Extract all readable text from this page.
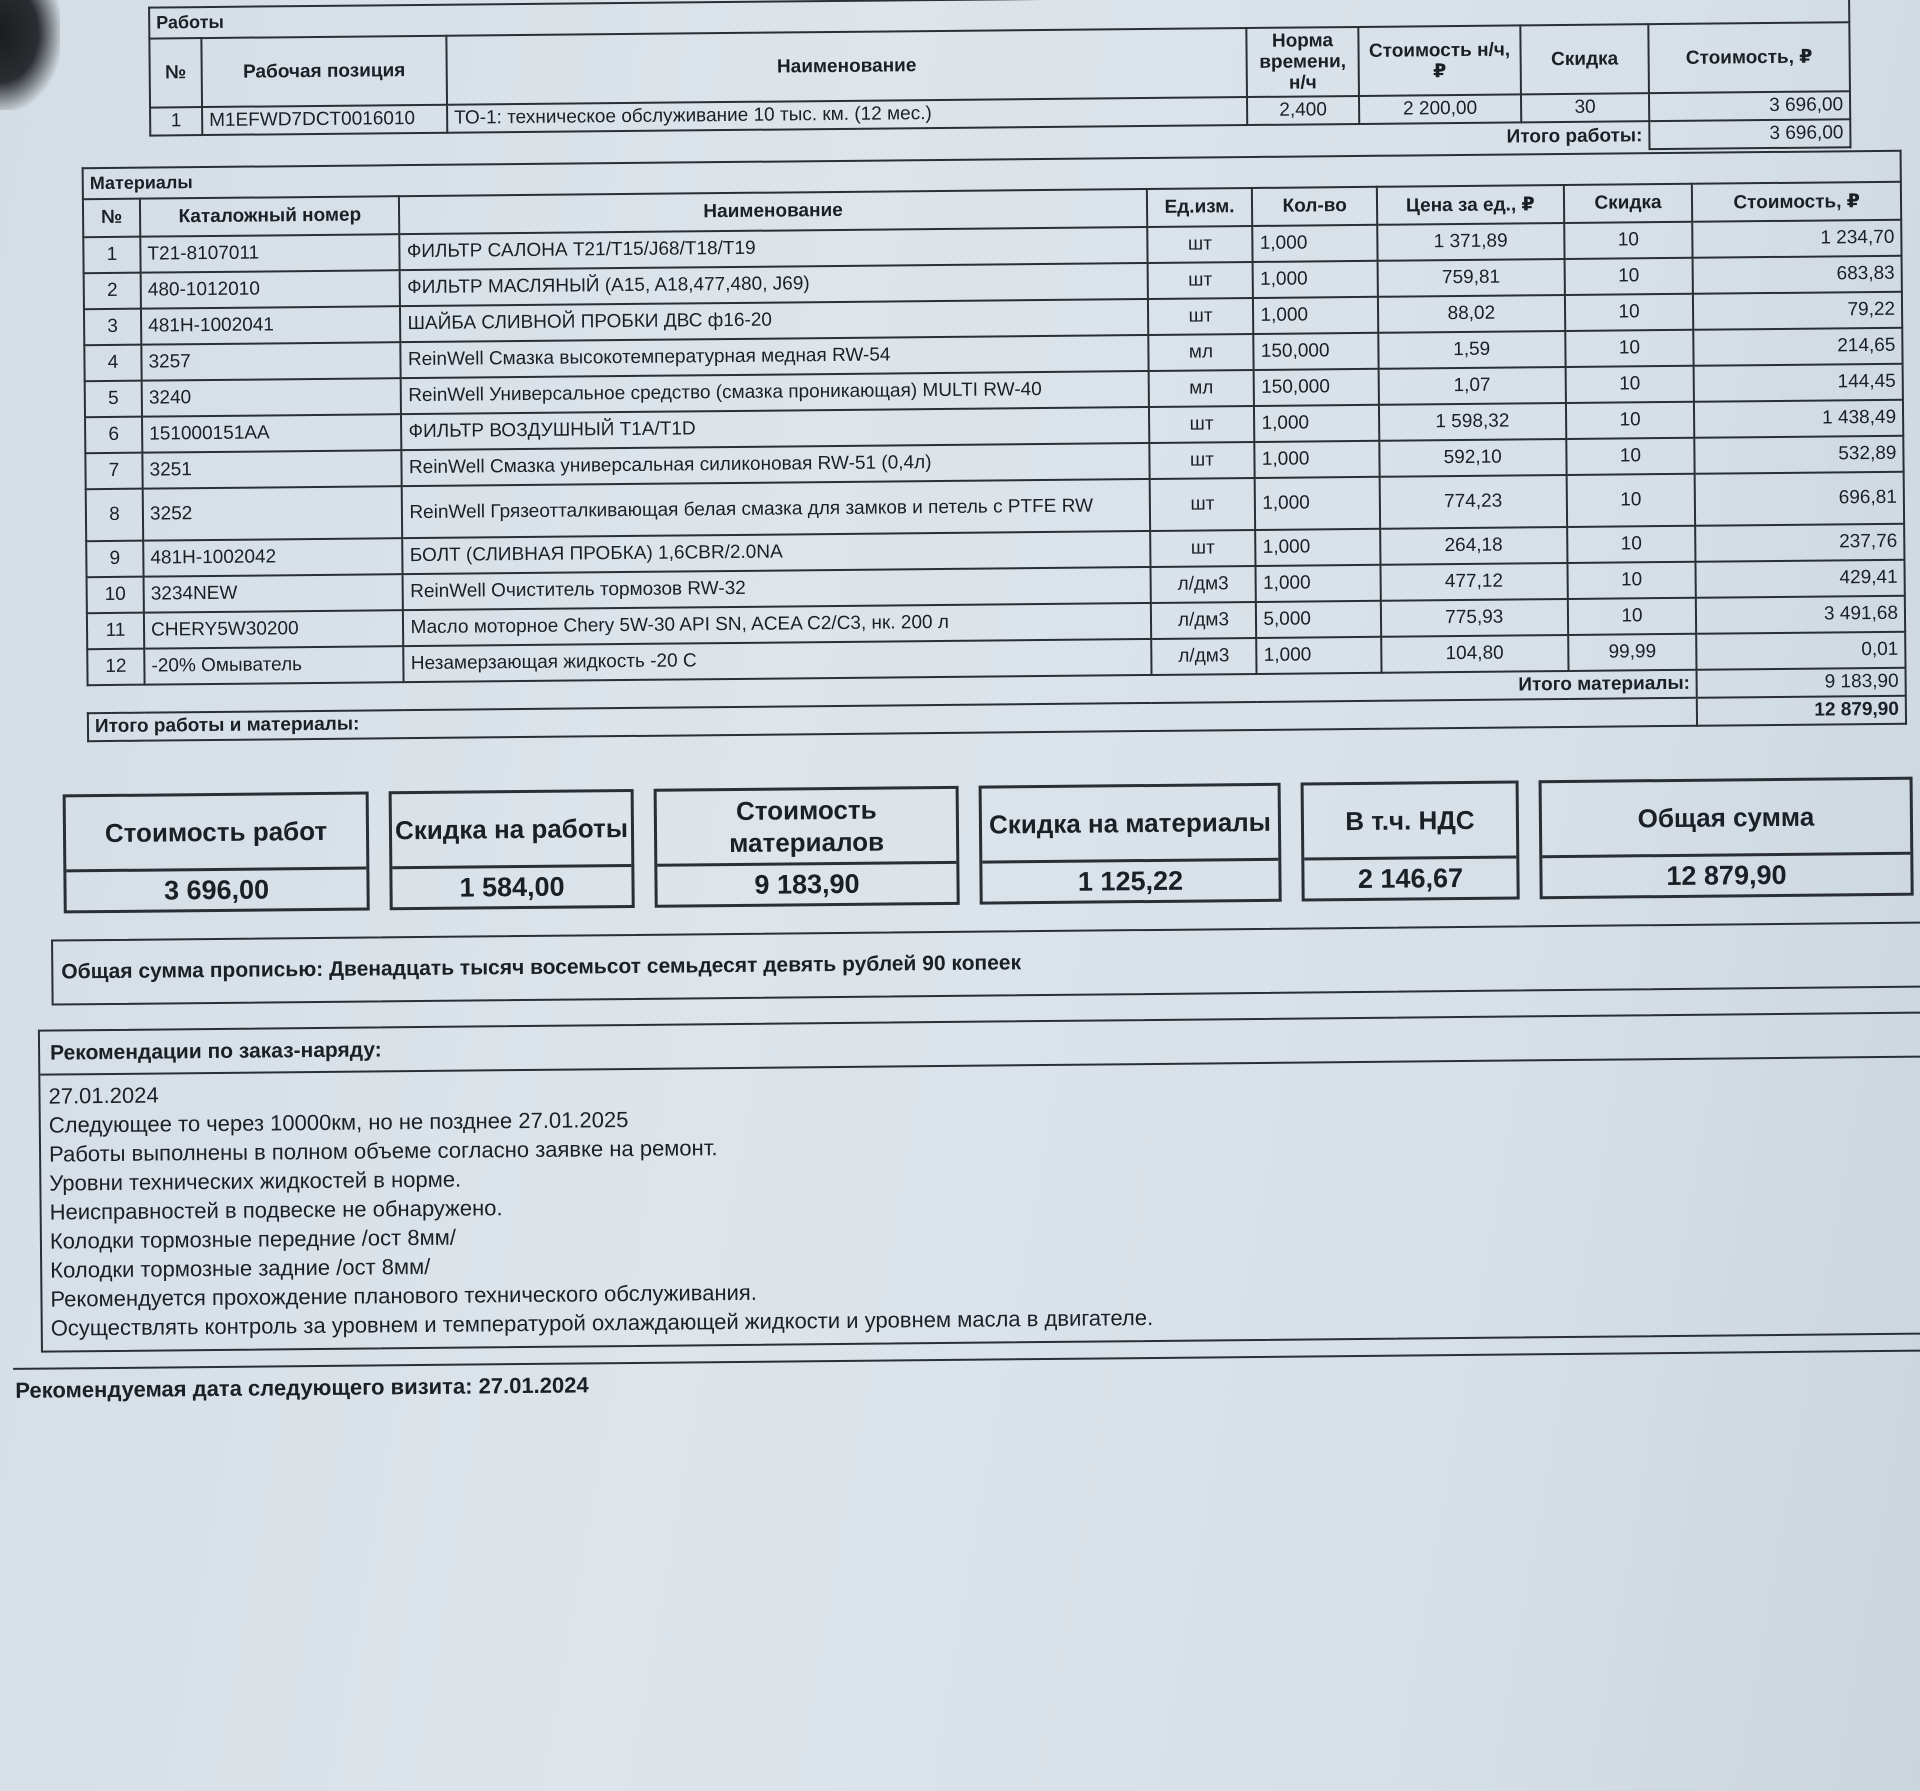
Работы						
№	Рабочая позиция	Наименование	Норма времени, н/ч	Стоимость н/ч, ₽	Скидка	Стоимость, ₽
1	M1EFWD7DCT0016010	ТО-1: техническое обслуживание 10 тыс. км. (12 мес.)	2,400	2 200,00	30	3 696,00
Итого работы:						3 696,00
Материалы							
№	Каталожный номер	Наименование	Ед.изм.	Кол-во	Цена за ед., ₽	Скидка	Стоимость, ₽
1	T21-8107011	ФИЛЬТР САЛОНА T21/T15/J68/T18/T19	шт	1,000	1 371,89	10	1 234,70
2	480-1012010	ФИЛЬТР МАСЛЯНЫЙ (A15, A18,477,480, J69)	шт	1,000	759,81	10	683,83
3	481H-1002041	ШАЙБА СЛИВНОЙ ПРОБКИ ДВС ф16-20	шт	1,000	88,02	10	79,22
4	3257	ReinWell Смазка высокотемпературная медная RW-54	мл	150,000	1,59	10	214,65
5	3240	ReinWell Универсальное средство (смазка проникающая) MULTI RW-40	мл	150,000	1,07	10	144,45
6	151000151AA	ФИЛЬТР ВОЗДУШНЫЙ T1A/T1D	шт	1,000	1 598,32	10	1 438,49
7	3251	ReinWell Смазка универсальная силиконовая RW-51 (0,4л)	шт	1,000	592,10	10	532,89
8	3252	ReinWell Грязеотталкивающая белая смазка для замков и петель с PTFE RW	шт	1,000	774,23	10	696,81
9	481H-1002042	БОЛТ (СЛИВНАЯ ПРОБКА) 1,6CBR/2.0NA	шт	1,000	264,18	10	237,76
10	3234NEW	ReinWell Очиститель тормозов RW-32	л/дм3	1,000	477,12	10	429,41
11	CHERY5W30200	Масло моторное Chery 5W-30 API SN, ACEA C2/C3, нк. 200 л	л/дм3	5,000	775,93	10	3 491,68
12	-20% Омыватель	Незамерзающая жидкость -20 С	л/дм3	1,000	104,80	99,99	0,01
Итого материалы:							9 183,90
Итого работы и материалы:							12 879,90
Стоимость работ
3 696,00
Скидка на работы
1 584,00
Стоимость материалов
9 183,90
Скидка на материалы
1 125,22
В т.ч. НДС
2 146,67
Общая сумма
12 879,90
Общая сумма прописью: Двенадцать тысяч восемьсот семьдесят девять рублей 90 копеек
Рекомендации по заказ-наряду:
27.01.2024
Следующее то через 10000км, но не позднее 27.01.2025
Работы выполнены в полном объеме согласно заявке на ремонт.
Уровни технических жидкостей в норме.
Неисправностей в подвеске не обнаружено.
Колодки тормозные передние /ост 8мм/
Колодки тормозные задние /ост 8мм/
Рекомендуется прохождение планового технического обслуживания.
Осуществлять контроль за уровнем и температурой охлаждающей жидкости и уровнем масла в двигателе.
Рекомендуемая дата следующего визита: 27.01.2024
